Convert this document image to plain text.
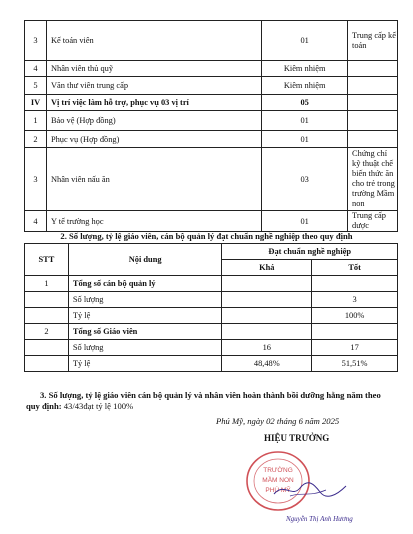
3	Kế toán viên	01	Trung cấp kế toán
4	Nhân viên thủ quỹ	Kiêm nhiệm	
5	Văn thư viên trung cấp	Kiêm nhiệm	
IV	Vị trí việc làm hỗ trợ, phục vụ 03 vị trí	05	
1	Bảo vệ (Hợp đồng)	01	
2	Phục vụ (Hợp đồng)	01	
3	Nhân viên nấu ăn	03	Chứng chỉ kỹ thuật chế biến thức ăn cho trẻ trong trường Mầm non
4	Y tế trường học	01	Trung cấp dược
2. Số lượng, tỷ lệ giáo viên, cán bộ quản lý đạt chuẩn nghề nghiệp theo quy định
STT	Nội dung	Đạt chuẩn nghề nghiệp	
		Khá	Tốt
1	Tổng số cán bộ quản lý		
	Số lượng		3
	Tỷ lệ		100%
2	Tổng số Giáo viên		
	Số lượng	16	17
	Tỷ lệ	48,48%	51,51%
3. Số lượng, tỷ lệ giáo viên cán bộ quản lý và nhân viên hoàn thành bồi dưỡng hằng năm theo quy định: 43/43đạt tỷ lệ 100%
Phú Mỹ, ngày 02 tháng 6 năm 2025
HIỆU TRƯỞNG
TRƯỜNG
MẦM NON
PHÚ MỸ
Nguyễn Thị Anh Hương
